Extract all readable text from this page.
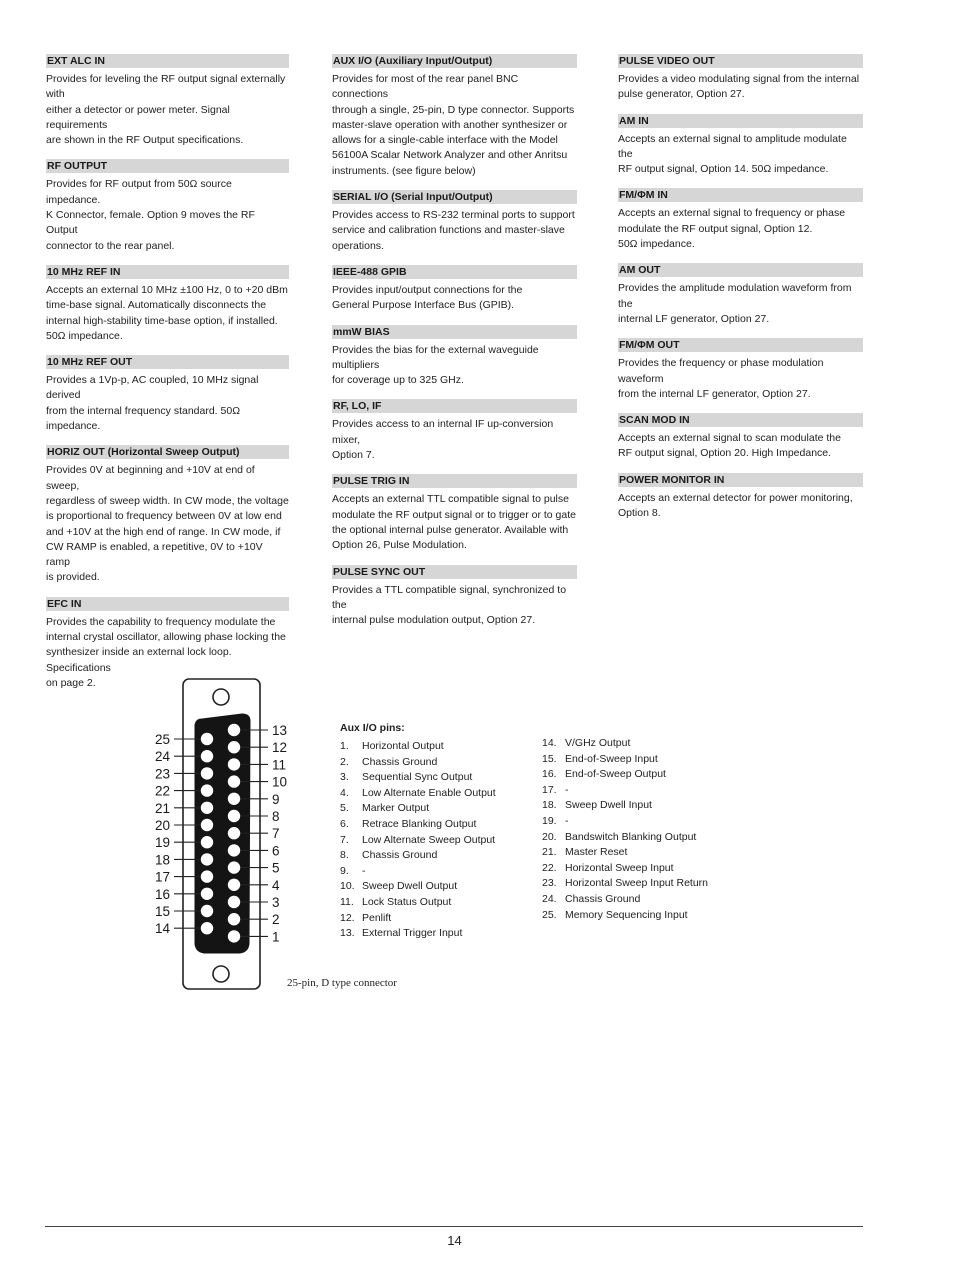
EXT ALC IN
Provides for leveling the RF output signal externally with
either a detector or power meter. Signal requirements
are shown in the RF Output specifications.
RF OUTPUT
Provides for RF output from 50Ω source impedance.
K Connector, female. Option 9 moves the RF Output
connector to the rear panel.
10 MHz REF IN
Accepts an external 10 MHz ±100 Hz, 0 to +20 dBm
time-base signal. Automatically disconnects the
internal high-stability time-base option, if installed.
50Ω impedance.
10 MHz REF OUT
Provides a 1Vp-p, AC coupled, 10 MHz signal derived
from the internal frequency standard. 50Ω impedance.
HORIZ OUT (Horizontal Sweep Output)
Provides 0V at beginning and +10V at end of sweep,
regardless of sweep width. In CW mode, the voltage
is proportional to frequency between 0V at low end
and +10V at the high end of range. In CW mode, if
CW RAMP is enabled, a repetitive, 0V to +10V ramp
is provided.
EFC IN
Provides the capability to frequency modulate the
internal crystal oscillator, allowing phase locking the
synthesizer inside an external lock loop. Specifications
on page 2.
AUX I/O (Auxiliary Input/Output)
Provides for most of the rear panel BNC connections
through a single, 25-pin, D type connector. Supports
master-slave operation with another synthesizer or
allows for a single-cable interface with the Model
56100A Scalar Network Analyzer and other Anritsu
instruments. (see figure below)
SERIAL I/O (Serial Input/Output)
Provides access to RS-232 terminal ports to support
service and calibration functions and master-slave
operations.
IEEE-488 GPIB
Provides input/output connections for the
General Purpose Interface Bus (GPIB).
mmW BIAS
Provides the bias for the external waveguide multipliers
for coverage up to 325 GHz.
RF, LO, IF
Provides access to an internal IF up-conversion mixer,
Option 7.
PULSE TRIG IN
Accepts an external TTL compatible signal to pulse
modulate the RF output signal or to trigger or to gate
the optional internal pulse generator. Available with
Option 26, Pulse Modulation.
PULSE SYNC OUT
Provides a TTL compatible signal, synchronized to the
internal pulse modulation output, Option 27.
PULSE VIDEO OUT
Provides a video modulating signal from the internal
pulse generator, Option 27.
AM IN
Accepts an external signal to amplitude modulate the
RF output signal, Option 14. 50Ω impedance.
FM/ΦM IN
Accepts an external signal to frequency or phase
modulate the RF output signal, Option 12.
50Ω impedance.
AM OUT
Provides the amplitude modulation waveform from the
internal LF generator, Option 27.
FM/ΦM OUT
Provides the frequency or phase modulation waveform
from the internal LF generator, Option 27.
SCAN MOD IN
Accepts an external signal to scan modulate the
RF output signal, Option 20. High Impedance.
POWER MONITOR IN
Accepts an external detector for power monitoring,
Option 8.
25
24
23
22
21
20
19
18
17
16
15
14
13
12
11
10
9
8
7
6
5
4
3
2
1
25-pin, D type connector
Aux I/O pins:
1.	Horizontal Output
2.	Chassis Ground
3.	Sequential Sync Output
4.	Low Alternate Enable Output
5.	Marker Output
6.	Retrace Blanking Output
7.	Low Alternate Sweep Output
8.	Chassis Ground
9.	-
10. Sweep Dwell Output
11. Lock Status Output
12. Penlift
13. External Trigger Input
14. V/GHz Output
15. End-of-Sweep Input
16. End-of-Sweep Output
17. -
18. Sweep Dwell Input
19. -
20. Bandswitch Blanking Output
21. Master Reset
22. Horizontal Sweep Input
23. Horizontal Sweep Input Return
24. Chassis Ground
25. Memory Sequencing Input
14
